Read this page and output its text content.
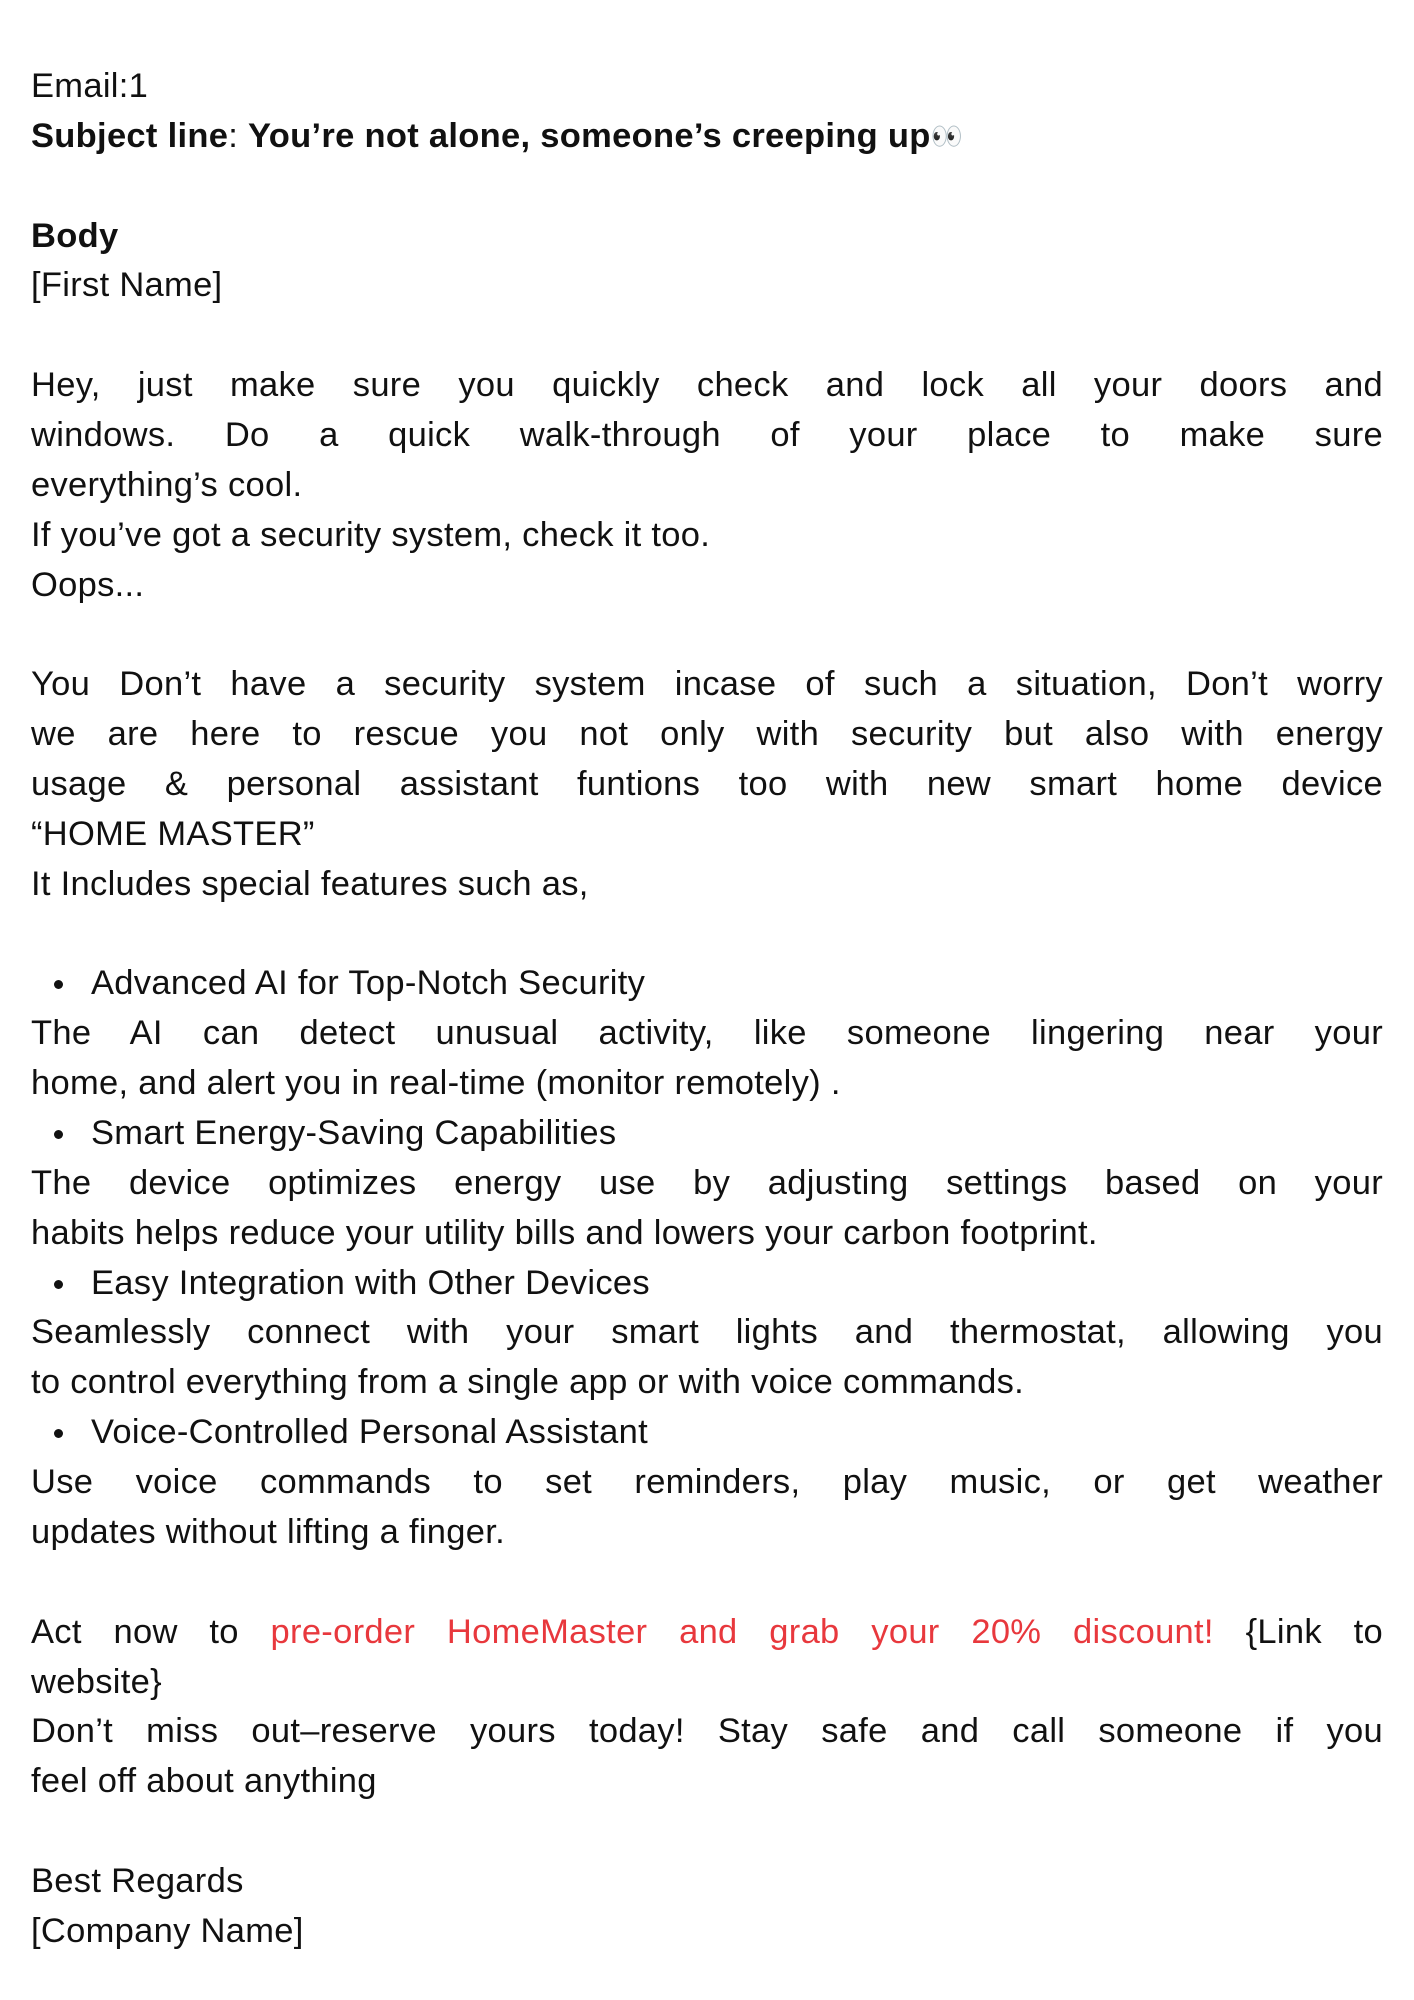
Email:1
Subject line: You’re not alone, someone’s creeping up👀
Body
[First Name]
Hey, just make sure you quickly check and lock all your doors and
windows. Do a quick walk-through of your place to make sure
everything’s cool.
If you’ve got a security system, check it too.
Oops...
You Don’t have a security system incase of such a situation, Don’t worry
we are here to rescue you not only with security but also with energy
usage & personal assistant funtions too with new smart home device
“HOME MASTER”
It Includes special features such as,
Advanced AI for Top-Notch Security
The AI can detect unusual activity, like someone lingering near your
home, and alert you in real-time (monitor remotely) .
Smart Energy-Saving Capabilities
The device optimizes energy use by adjusting settings based on your
habits helps reduce your utility bills and lowers your carbon footprint.
Easy Integration with Other Devices
Seamlessly connect with your smart lights and thermostat, allowing you
to control everything from a single app or with voice commands.
Voice-Controlled Personal Assistant
Use voice commands to set reminders, play music, or get weather
updates without lifting a finger.
Act now to pre-order HomeMaster and grab your 20% discount! {Link to
website}
Don’t miss out–reserve yours today! Stay safe and call someone if you
feel off about anything
Best Regards
[Company Name]
